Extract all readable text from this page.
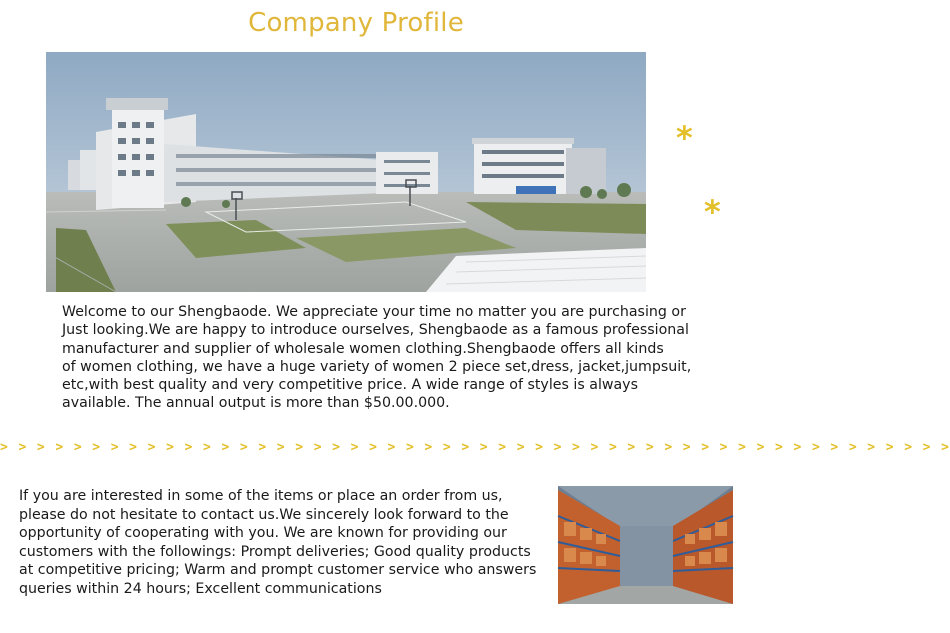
Company Profile
*
*
Welcome to our Shengbaode. We appreciate your time no matter you are purchasing or
Just looking.We are happy to introduce ourselves, Shengbaode as a famous professional
manufacturer and supplier of wholesale women clothing.Shengbaode offers all kinds
of women clothing, we have a huge variety of women 2 piece set,dress, jacket,jumpsuit,
etc,with best quality and very competitive price. A wide range of styles is always
available. The annual output is more than $50.00.000.
> > > > > > > > > > > > > > > > > > > > > > > > > > > > > > > > > > > > > > > > > > > > > > > > > > > >
If you are interested in some of the items or place an order from us,
please do not hesitate to contact us.We sincerely look forward to the
opportunity of cooperating with you. We are known for providing our
customers with the followings: Prompt deliveries; Good quality products
at competitive pricing; Warm and prompt customer service who answers
queries within 24 hours; Excellent communications
